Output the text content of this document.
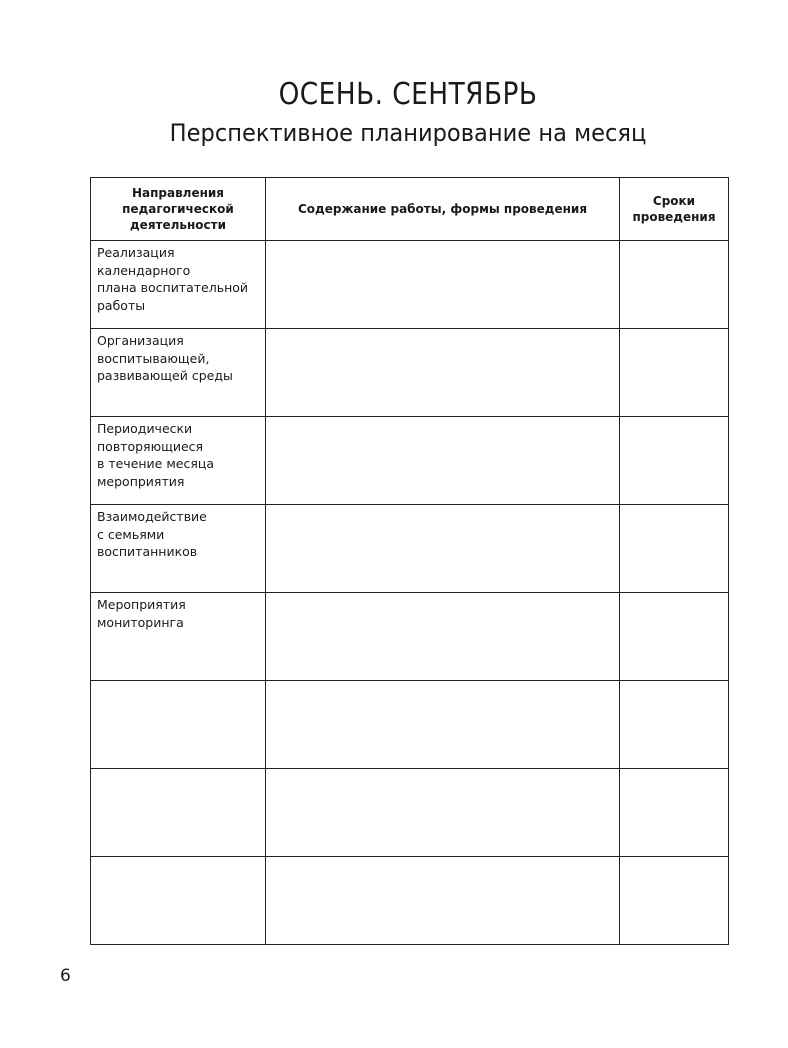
ОСЕНЬ. СЕНТЯБРЬ
Перспективное планирование на месяц
Направления
педагогической
деятельности	Содержание работы, формы проведения	Сроки
проведения

Реализация
календарного
плана воспитательной
работы		

Организация
воспитывающей,
развивающей среды		

Периодически
повторяющиеся
в течение месяца
мероприятия		

Взаимодействие
с семьями
воспитанников		

Мероприятия
мониторинга		

6
